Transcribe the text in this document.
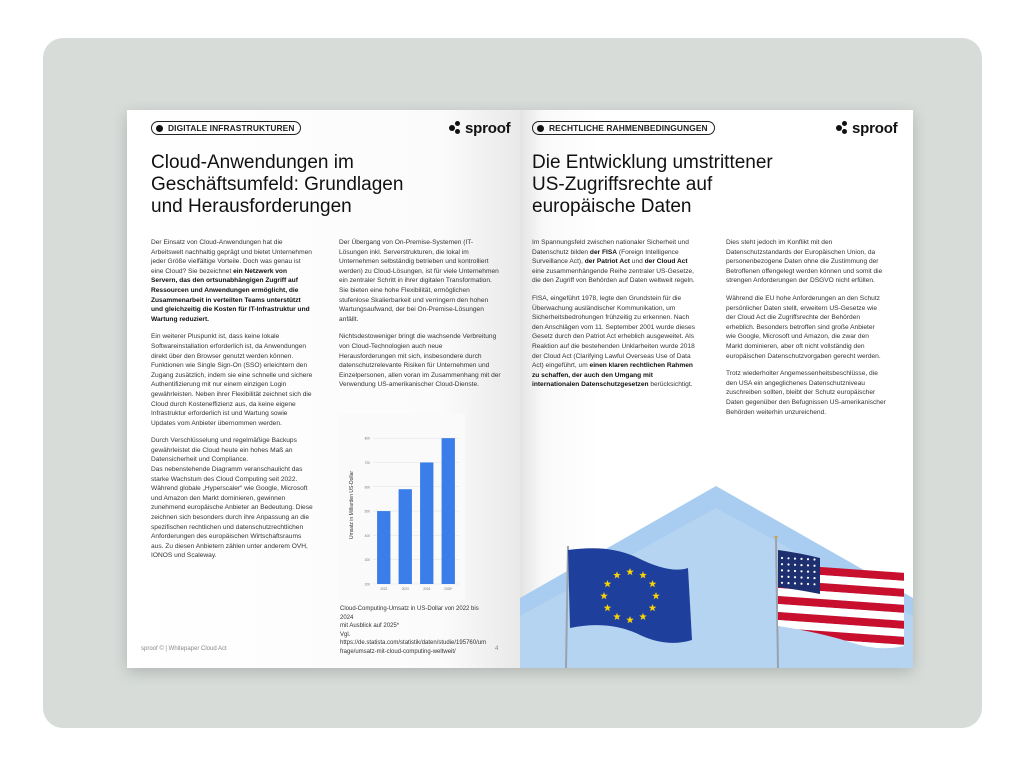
DIGITALE INFRASTRUKTUREN	sproof
Cloud-Anwendungen im
Geschäftsumfeld: Grundlagen
und Herausforderungen

Der Einsatz von Cloud-Anwendungen hat die Arbeitswelt nachhaltig geprägt und bietet Unternehmen jeder Größe vielfältige Vorteile. Doch was genau ist eine Cloud? Sie bezeichnet ein Netzwerk von Servern, das den ortsunabhängigen Zugriff auf Ressourcen und Anwendungen ermöglicht, die Zusammenarbeit in verteilten Teams unterstützt und gleichzeitig die Kosten für IT-Infrastruktur und Wartung reduziert.

Ein weiterer Pluspunkt ist, dass keine lokale Softwareinstallation erforderlich ist, da Anwendungen direkt über den Browser genutzt werden können. Funktionen wie Single Sign-On (SSO) erleichtern den Zugang zusätzlich, indem sie eine schnelle und sichere Authentifizierung mit nur einem einzigen Login gewährleisten. Neben ihrer Flexibilität zeichnet sich die Cloud durch Kosteneffizienz aus, da keine eigene Infrastruktur erforderlich ist und Wartung sowie Updates vom Anbieter übernommen werden.

Durch Verschlüsselung und regelmäßige Backups gewährleistet die Cloud heute ein hohes Maß an Datensicherheit und Compliance.

Das nebenstehende Diagramm veranschaulicht das starke Wachstum des Cloud Computing seit 2022. Während globale „Hyperscaler“ wie Google, Microsoft und Amazon den Markt dominieren, gewinnen zunehmend europäische Anbieter an Bedeutung. Diese zeichnen sich besonders durch ihre Anpassung an die spezifischen rechtlichen und datenschutzrechtlichen Anforderungen des europäischen Wirtschaftsraums aus. Zu diesen Anbietern zählen unter anderem OVH, IONOS und Scaleway.

Der Übergang von On-Premise-Systemen (IT-Lösungen inkl. Serverstrukturen, die lokal im Unternehmen selbständig betrieben und kontrolliert werden) zu Cloud-Lösungen, ist für viele Unternehmen ein zentraler Schritt in ihrer digitalen Transformation. Sie bieten eine hohe Flexibilität, ermöglichen stufenlose Skalierbarkeit und verringern den hohen Wartungsaufwand, der bei On-Premise-Lösungen anfällt.

Nichtsdestoweniger bringt die wachsende Verbreitung von Cloud-Technologien auch neue Herausforderungen mit sich, insbesondere durch datenschutzrelevante Risiken für Unternehmen und Einzelpersonen, allen voran im Zusammenhang mit der Verwendung US-amerikanischer Cloud-Dienste.

200
300
400
500
600
700
800
2022	2023	2024	2025*
Umsatz in Milliarden US-Dollar
Cloud-Computing-Umsatz in US-Dollar von 2022 bis 2024
mit Ausblick auf 2025*
Vgl. https://de.statista.com/statistik/daten/studie/195760/um
frage/umsatz-mit-cloud-computing-weltweit/
sproof © | Whitepaper Cloud Act	4
RECHTLICHE RAHMENBEDINGUNGEN	sproof
Die Entwicklung umstrittener
US-Zugriffsrechte auf
europäische Daten

Im Spannungsfeld zwischen nationaler Sicherheit und Datenschutz bilden der FISA (Foreign Intelligence Surveillance Act), der Patriot Act und der Cloud Act eine zusammenhängende Reihe zentraler US-Gesetze, die den Zugriff von Behörden auf Daten weltweit regeln.

FISA, eingeführt 1978, legte den Grundstein für die Überwachung ausländischer Kommunikation, um Sicherheitsbedrohungen frühzeitig zu erkennen. Nach den Anschlägen vom 11. September 2001 wurde dieses Gesetz durch den Patriot Act erheblich ausgeweitet. Als Reaktion auf die bestehenden Unklarheiten wurde 2018 der Cloud Act (Clarifying Lawful Overseas Use of Data Act) eingeführt, um einen klaren rechtlichen Rahmen zu schaffen, der auch den Umgang mit internationalen Datenschutzgesetzen berücksichtigt.

Dies steht jedoch im Konflikt mit den Datenschutzstandards der Europäischen Union, da personenbezogene Daten ohne die Zustimmung der Betroffenen offengelegt werden können und somit die strengen Anforderungen der DSGVO nicht erfüllen.

Während die EU hohe Anforderungen an den Schutz persönlicher Daten stellt, erweitern US-Gesetze wie der Cloud Act die Zugriffsrechte der Behörden erheblich. Besonders betroffen sind große Anbieter wie Google, Microsoft und Amazon, die zwar den Markt dominieren, aber oft nicht vollständig den europäischen Datenschutzvorgaben gerecht werden.

Trotz wiederholter Angemessenheitsbeschlüsse, die den USA ein angeglichenes Datenschutzniveau zuschreiben sollten, bleibt der Schutz europäischer Daten gegenüber den Befugnissen US-amerikanischer Behörden weiterhin unzureichend.
